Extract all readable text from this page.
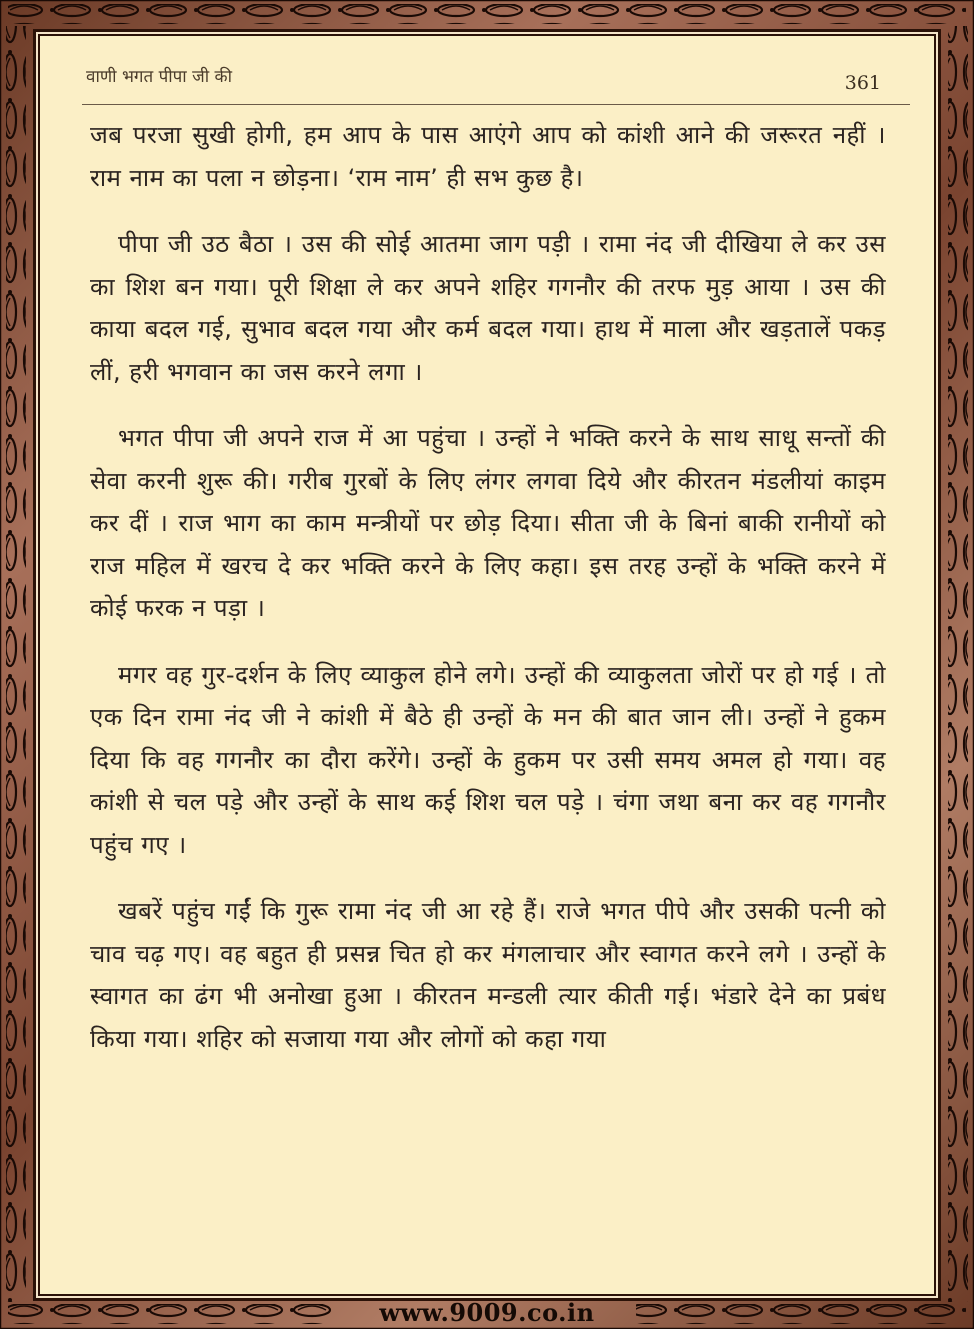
वाणी भगत पीपा जी की	361

जब परजा सुखी होगी, हम आप के पास आएंगे आप को कांशी आने की जरूरत नहीं । राम नाम का पला न छोड़ना। ‘राम नाम’ ही सभ कुछ है।

पीपा जी उठ बैठा । उस की सोई आतमा जाग पड़ी । रामा नंद जी दीखिया ले कर उस का शिश बन गया। पूरी शिक्षा ले कर अपने शहिर गगनौर की तरफ मुड़ आया । उस की काया बदल गई, सुभाव बदल गया और कर्म बदल गया। हाथ में माला और खड़तालें पकड़ लीं, हरी भगवान का जस करने लगा ।

भगत पीपा जी अपने राज में आ पहुंचा । उन्हों ने भक्ति करने के साथ साधू सन्तों की सेवा करनी शुरू की। गरीब गुरबों के लिए लंगर लगवा दिये और कीरतन मंडलीयां काइम कर दीं । राज भाग का काम मन्त्रीयों पर छोड़ दिया। सीता जी के बिनां बाकी रानीयों को राज महिल में खरच दे कर भक्ति करने के लिए कहा। इस तरह उन्हों के भक्ति करने में कोई फरक न पड़ा ।

मगर वह गुर-दर्शन के लिए व्याकुल होने लगे। उन्हों की व्याकुलता जोरों पर हो गई । तो एक दिन रामा नंद जी ने कांशी में बैठे ही उन्हों के मन की बात जान ली। उन्हों ने हुकम दिया कि वह गगनौर का दौरा करेंगे। उन्हों के हुकम पर उसी समय अमल हो गया। वह कांशी से चल पड़े और उन्हों के साथ कई शिश चल पड़े । चंगा जथा बना कर वह गगनौर पहुंच गए ।

खबरें पहुंच गईं कि गुरू रामा नंद जी आ रहे हैं। राजे भगत पीपे और उसकी पत्नी को चाव चढ़ गए। वह बहुत ही प्रसन्न चित हो कर मंगलाचार और स्वागत करने लगे । उन्हों के स्वागत का ढंग भी अनोखा हुआ । कीरतन मन्डली त्यार कीती गई। भंडारे देने का प्रबंध किया गया। शहिर को सजाया गया और लोगों को कहा गया

www.9009.co.in
